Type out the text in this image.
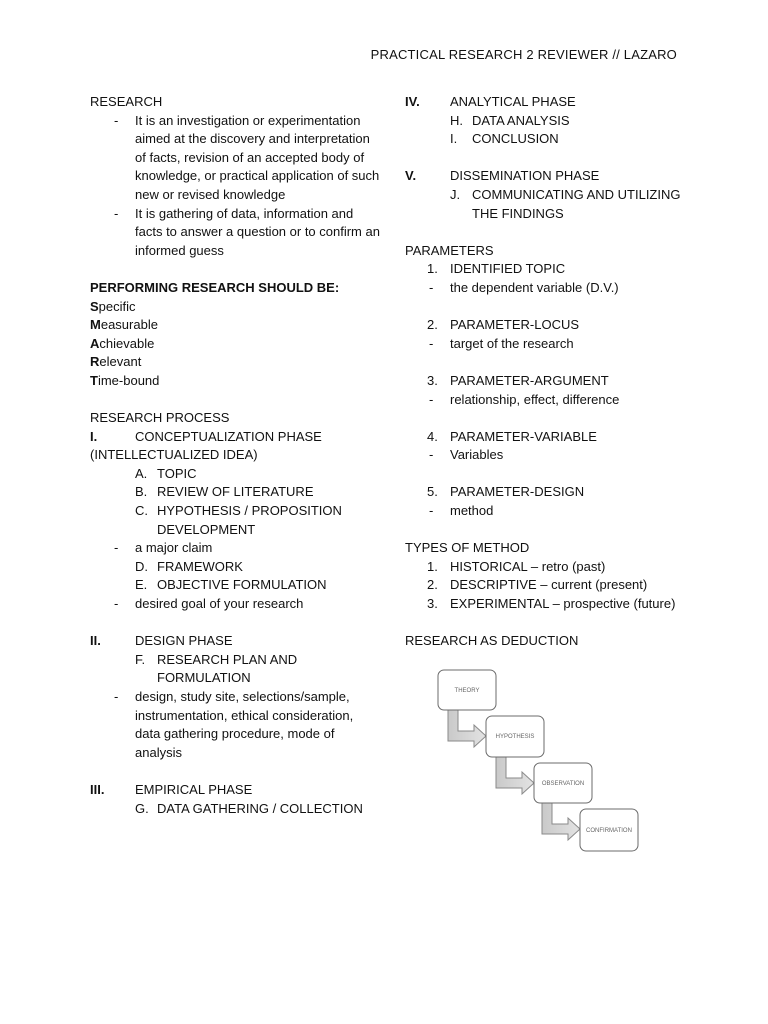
PRACTICAL RESEARCH 2 REVIEWER // LAZARO
RESEARCH
- It is an investigation or experimentation aimed at the discovery and interpretation of facts, revision of an accepted body of knowledge, or practical application of such new or revised knowledge
- It is gathering of data, information and facts to answer a question or to confirm an informed guess
PERFORMING RESEARCH SHOULD BE:
Specific
Measurable
Achievable
Relevant
Time-bound
RESEARCH PROCESS
I.	CONCEPTUALIZATION PHASE
(INTELLECTUALIZED IDEA)
A. TOPIC
B. REVIEW OF LITERATURE
C. HYPOTHESIS / PROPOSITION DEVELOPMENT
- a major claim
D. FRAMEWORK
E. OBJECTIVE FORMULATION
- desired goal of your research
II.	DESIGN PHASE
F. RESEARCH PLAN AND FORMULATION
- design, study site, selections/sample, instrumentation, ethical consideration, data gathering procedure, mode of analysis
III. EMPIRICAL PHASE
G. DATA GATHERING / COLLECTION
IV. ANALYTICAL PHASE
H. DATA ANALYSIS
I. CONCLUSION
V.	DISSEMINATION PHASE
J. COMMUNICATING AND UTILIZING THE FINDINGS
PARAMETERS
1. IDENTIFIED TOPIC
- the dependent variable (D.V.)
2. PARAMETER-LOCUS
- target of the research
3. PARAMETER-ARGUMENT
- relationship, effect, difference
4. PARAMETER-VARIABLE
- Variables
5. PARAMETER-DESIGN
- method
TYPES OF METHOD
1. HISTORICAL – retro (past)
2. DESCRIPTIVE – current (present)
3. EXPERIMENTAL – prospective (future)
RESEARCH AS DEDUCTION
THEORY
HYPOTHESIS
OBSERVATION
CONFIRMATION
